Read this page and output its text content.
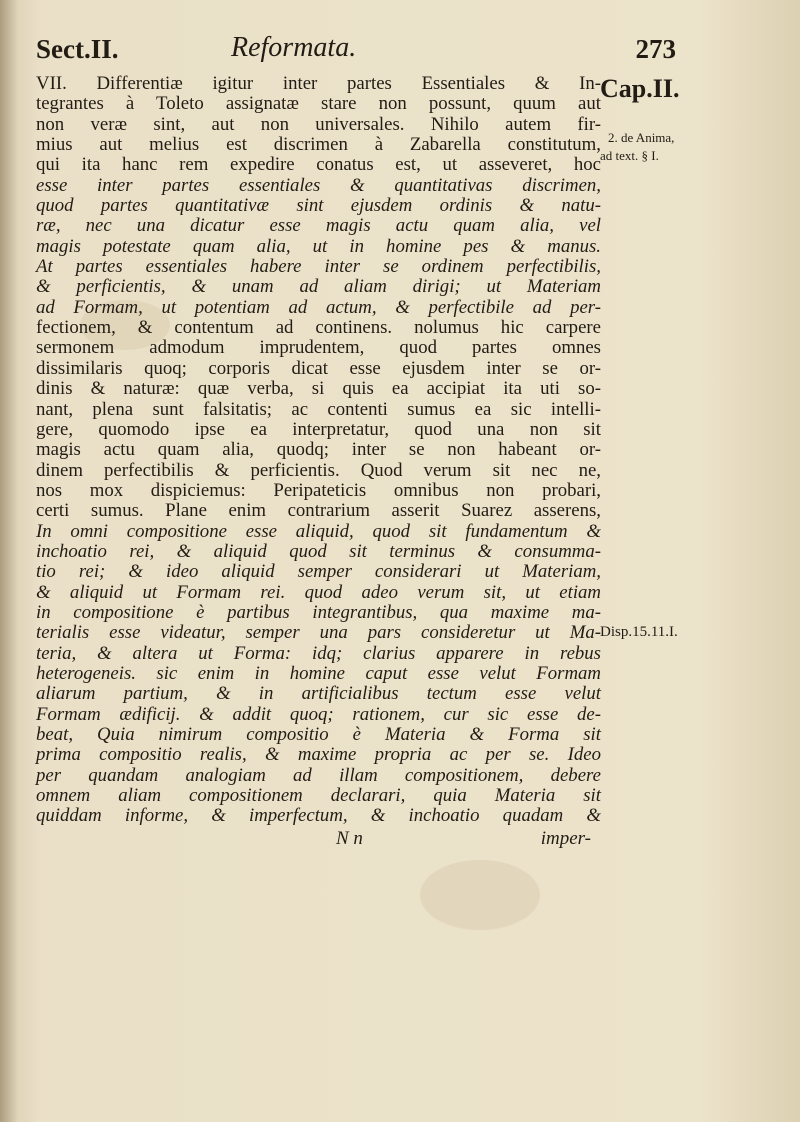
Sect.II.	Reformata.	273
VII. Differentiæ igitur inter partes Essentiales & In-
tegrantes à Toleto assignatæ stare non possunt, quum aut
non veræ sint, aut non universales. Nihilo autem fir-
mius aut melius est discrimen à Zabarella constitutum,
qui ita hanc rem expedire conatus est, ut asseveret, hoc
esse inter partes essentiales & quantitativas discrimen,
quod partes quantitativæ sint ejusdem ordinis & natu-
ræ, nec una dicatur esse magis actu quam alia, vel
magis potestate quam alia, ut in homine pes & manus.
At partes essentiales habere inter se ordinem perfectibilis,
& perficientis, & unam ad aliam dirigi; ut Materiam
ad Formam, ut potentiam ad actum, & perfectibile ad per-
fectionem, & contentum ad continens. nolumus hic carpere
sermonem admodum imprudentem, quod partes omnes
dissimilaris quoq; corporis dicat esse ejusdem inter se or-
dinis & naturæ: quæ verba, si quis ea accipiat ita uti so-
nant, plena sunt falsitatis; ac contenti sumus ea sic intelli-
gere, quomodo ipse ea interpretatur, quod una non sit
magis actu quam alia, quodq; inter se non habeant or-
dinem perfectibilis & perficientis. Quod verum sit nec ne,
nos mox dispiciemus: Peripateticis omnibus non probari,
certi sumus. Plane enim contrarium asserit Suarez asserens,
In omni compositione esse aliquid, quod sit fundamentum &
inchoatio rei, & aliquid quod sit terminus & consumma-
tio rei; & ideo aliquid semper considerari ut Materiam,
& aliquid ut Formam rei. quod adeo verum sit, ut etiam
in compositione è partibus integrantibus, qua maxime ma-
terialis esse videatur, semper una pars consideretur ut Ma-
teria, & altera ut Forma: idq; clarius apparere in rebus
heterogeneis. sic enim in homine caput esse velut Formam
aliarum partium, & in artificialibus tectum esse velut
Formam ædificij. & addit quoq; rationem, cur sic esse de-
beat, Quia nimirum compositio è Materia & Forma sit
prima compositio realis, & maxime propria ac per se. Ideo
per quandam analogiam ad illam compositionem, debere
omnem aliam compositionem declarari, quia Materia sit
quiddam informe, & imperfectum, & inchoatio quadam &
N n	imper-
Cap.II.
2. de Anima,
ad text. § I.
Disp.15.11.I.
